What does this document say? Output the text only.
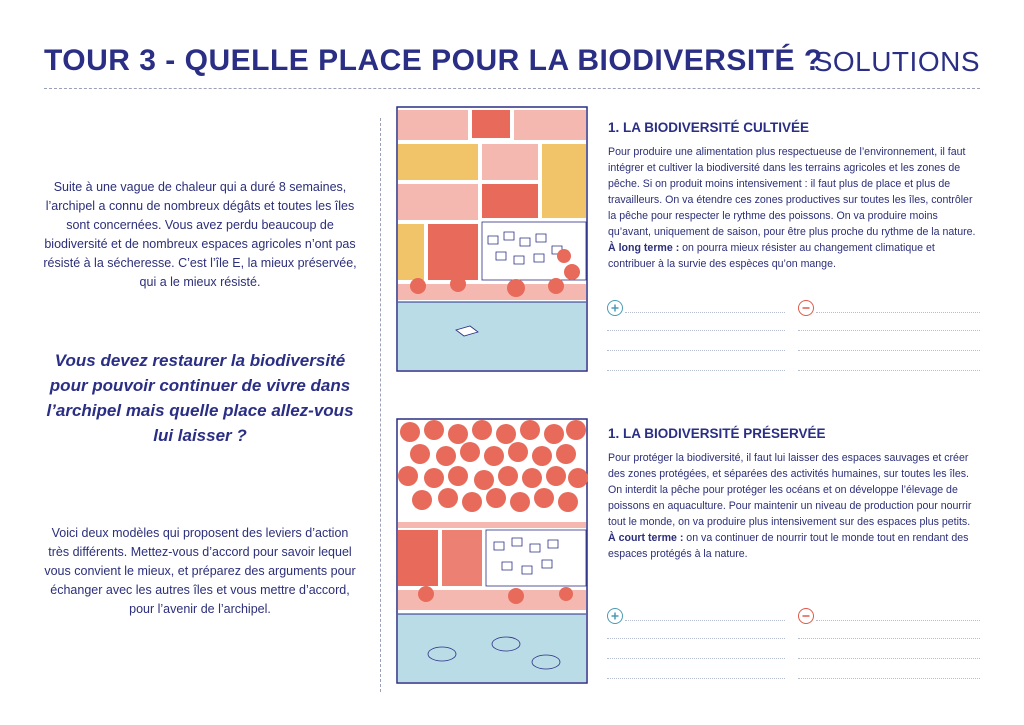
TOUR 3 - QUELLE PLACE POUR LA BIODIVERSITÉ ?
SOLUTIONS
Suite à une vague de chaleur qui a duré 8 semaines, l’archipel a connu de nombreux dégâts et toutes les îles sont concernées. Vous avez perdu beaucoup de biodiversité et de nombreux espaces agricoles n’ont pas résisté à la sécheresse. C’est l’île E, la mieux préservée, qui a le mieux résisté.
Vous devez restaurer la biodiversité pour pouvoir continuer de vivre dans l’archipel mais quelle place allez-vous lui laisser ?
Voici deux modèles qui proposent des leviers d’action très différents. Mettez-vous d’accord pour savoir lequel vous convient le mieux, et préparez des arguments pour échanger avec les autres îles et vous mettre d’accord, pour l’avenir de l’archipel.
1. LA BIODIVERSITÉ CULTIVÉE
Pour produire une alimentation plus respectueuse de l’environnement, il faut intégrer et cultiver la biodiversité dans les terrains agricoles et les zones de pêche. Si on produit moins intensivement : il faut plus de place et plus de travailleurs. On va étendre ces zones productives sur toutes les îles, contrôler la pêche pour respecter le rythme des poissons. On va produire moins qu’avant, uniquement de saison, pour être plus proche du rythme de la nature.
À long terme : on pourra mieux résister au changement climatique et contribuer à la survie des espèces qu’on mange.
1. LA BIODIVERSITÉ PRÉSERVÉE
Pour protéger la biodiversité, il faut lui laisser des espaces sauvages et créer des zones protégées, et séparées des activités humaines, sur toutes les îles. On interdit la pêche pour protéger les océans et on développe l’élevage de poissons en aquaculture. Pour maintenir un niveau de production pour nourrir tout le monde, on va produire plus intensivement sur des espaces plus petits.
À court terme : on va continuer de nourrir tout le monde tout en rendant des espaces protégés à la nature.
